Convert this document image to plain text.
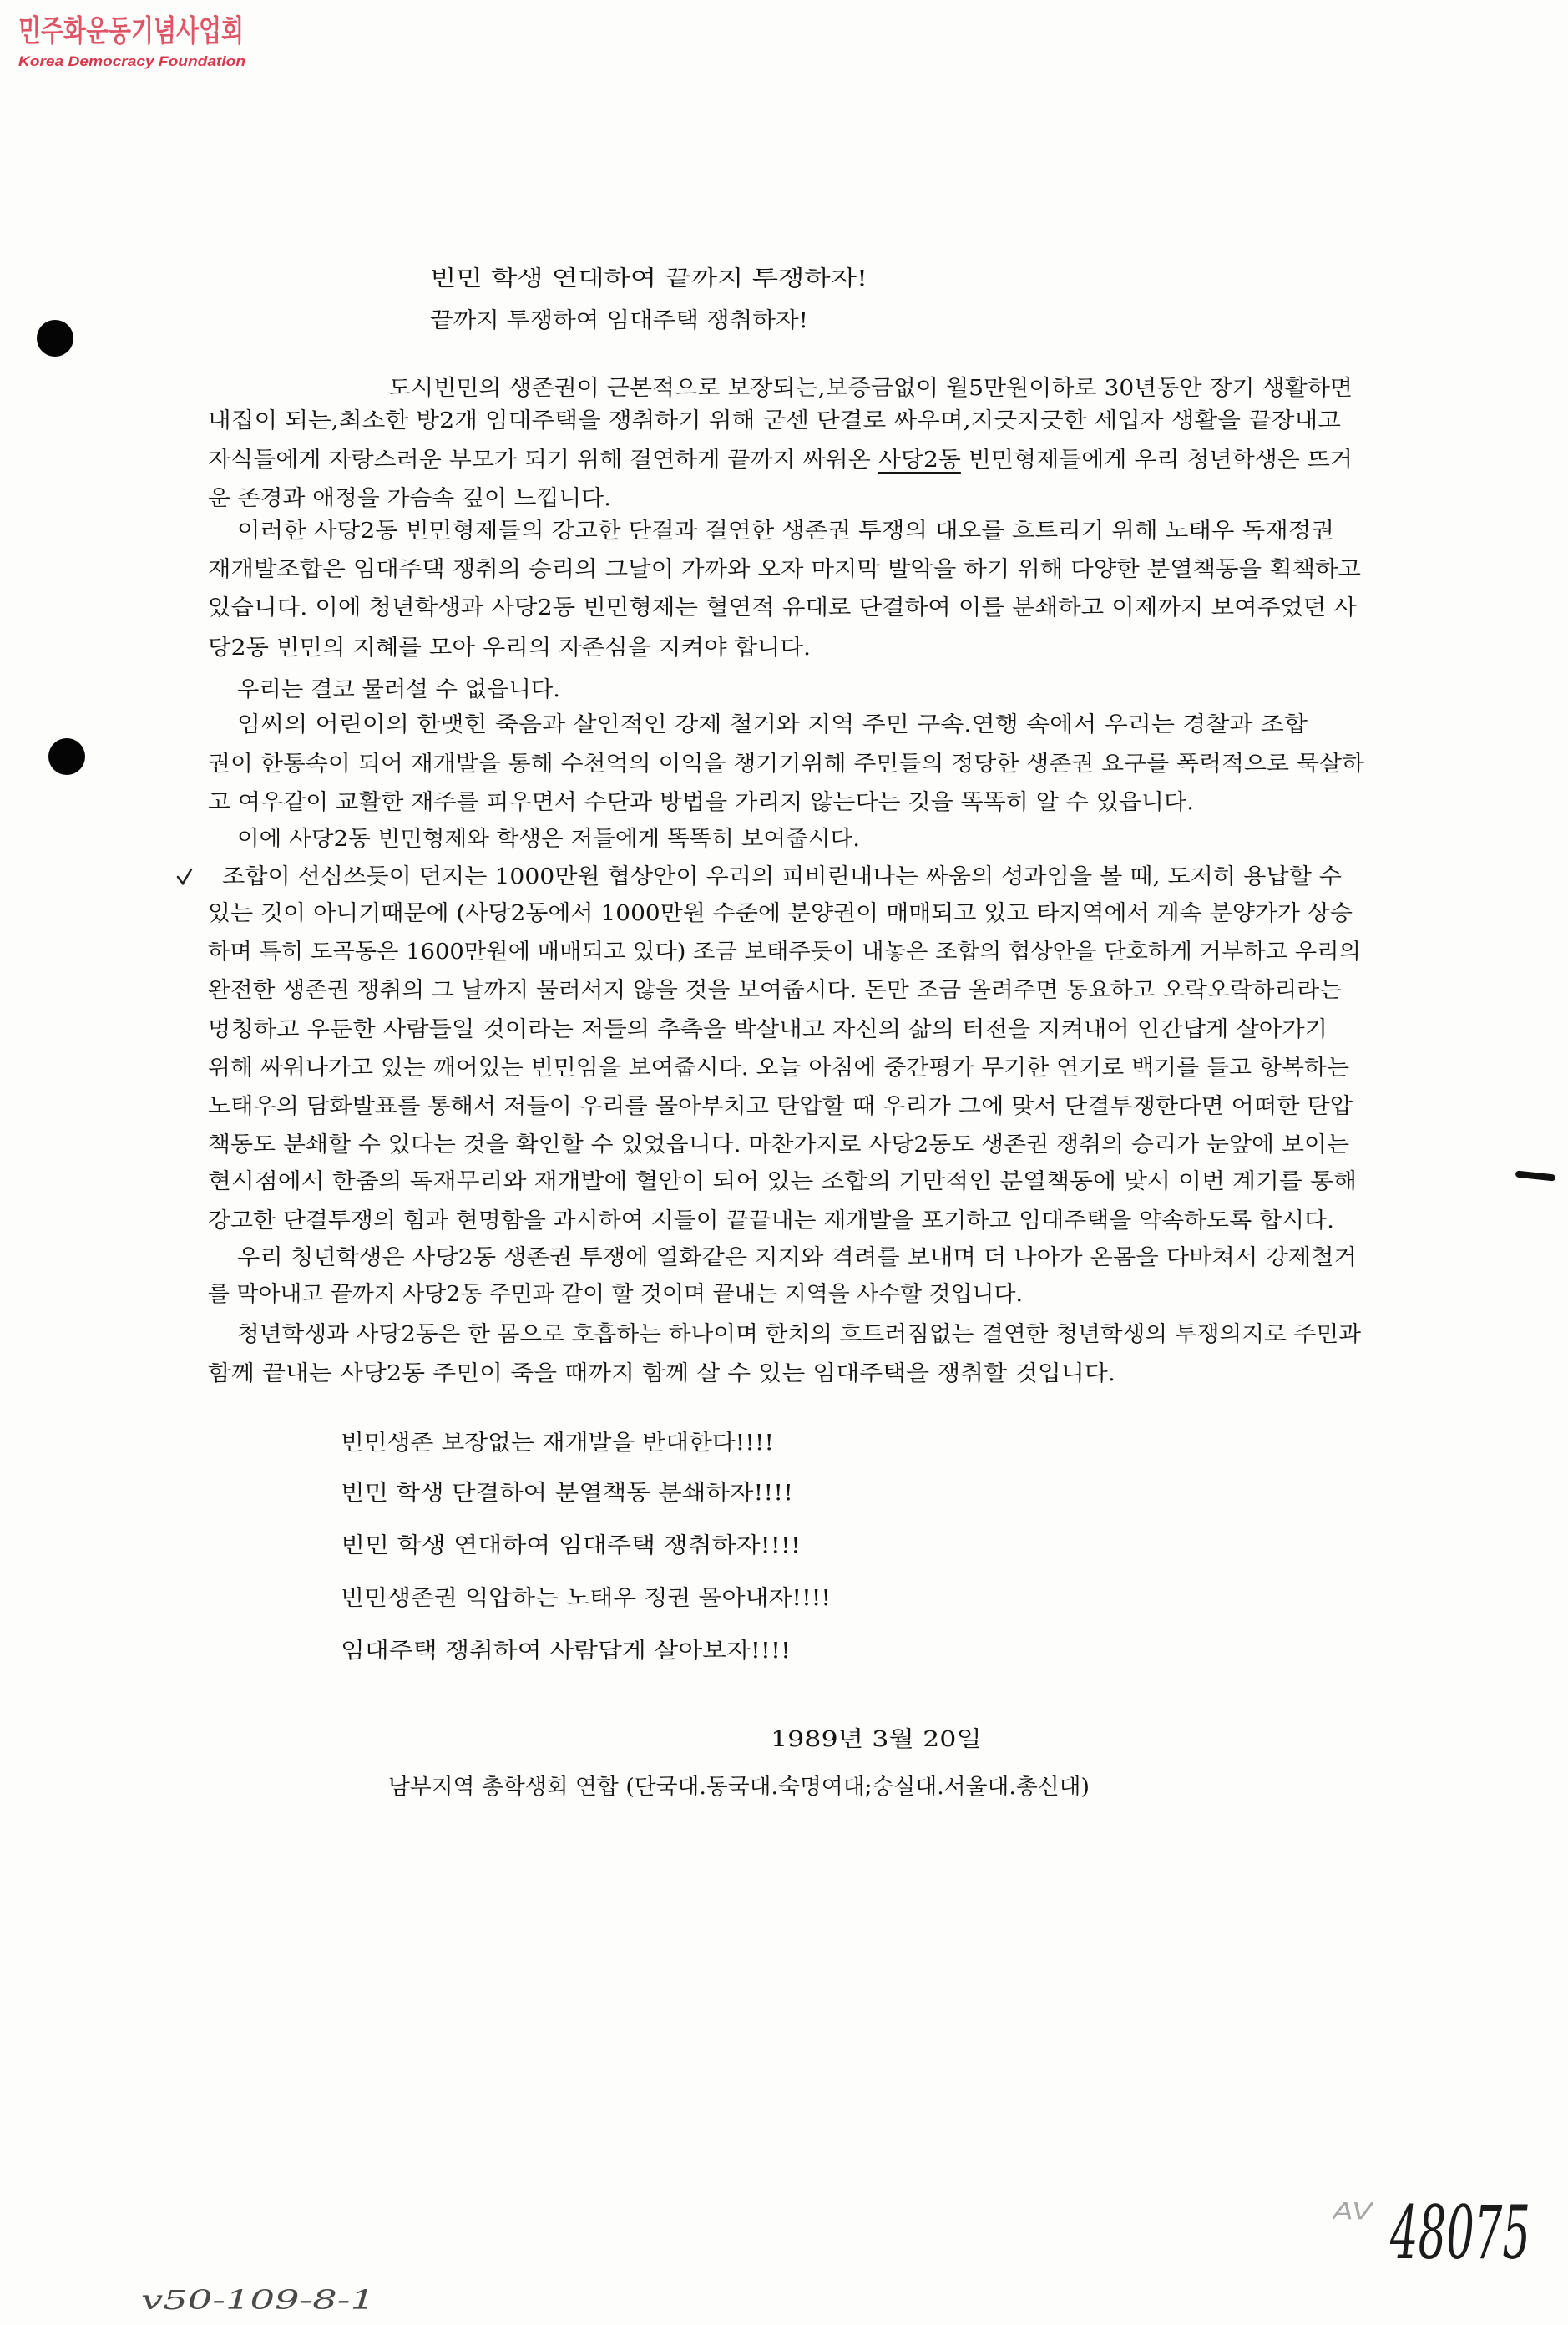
민주화운동기념사업회
Korea Democracy Foundation
빈민 학생 연대하여 끝까지 투쟁하자!
끝까지 투쟁하여 임대주택 쟁취하자!
도시빈민의 생존권이 근본적으로 보장되는,보증금없이 월5만원이하로 30년동안 장기 생활하면
내집이 되는,최소한 방2개 임대주택을 쟁취하기 위해 굳센 단결로 싸우며,지긋지긋한 세입자 생활을 끝장내고
자식들에게 자랑스러운 부모가 되기 위해 결연하게 끝까지 싸워온 사당2동 빈민형제들에게 우리 청년학생은 뜨거
운 존경과 애정을 가슴속 깊이 느낍니다.
이러한 사당2동 빈민형제들의 강고한 단결과 결연한 생존권 투쟁의 대오를 흐트리기 위해 노태우 독재정권
재개발조합은 임대주택 쟁취의 승리의 그날이 가까와 오자 마지막 발악을 하기 위해 다양한 분열책동을 획책하고
있습니다. 이에 청년학생과 사당2동 빈민형제는 혈연적 유대로 단결하여 이를 분쇄하고 이제까지 보여주었던 사
당2동 빈민의 지혜를 모아 우리의 자존심을 지켜야 합니다.
우리는 결코 물러설 수 없읍니다.
임씨의 어린이의 한맺힌 죽음과 살인적인 강제 철거와 지역 주민 구속.연행 속에서 우리는 경찰과 조합
권이 한통속이 되어 재개발을 통해 수천억의 이익을 챙기기위해 주민들의 정당한 생존권 요구를 폭력적으로 묵살하
고 여우같이 교활한 재주를 피우면서 수단과 방법을 가리지 않는다는 것을 똑똑히 알 수 있읍니다.
이에 사당2동 빈민형제와 학생은 저들에게 똑똑히 보여줍시다.
조합이 선심쓰듯이 던지는 1000만원 협상안이 우리의 피비린내나는 싸움의 성과임을 볼 때, 도저히 용납할 수
있는 것이 아니기때문에 (사당2동에서 1000만원 수준에 분양권이 매매되고 있고 타지역에서 계속 분양가가 상승
하며 특히 도곡동은 1600만원에 매매되고 있다) 조금 보태주듯이 내놓은 조합의 협상안을 단호하게 거부하고 우리의
완전한 생존권 쟁취의 그 날까지 물러서지 않을 것을 보여줍시다. 돈만 조금 올려주면 동요하고 오락오락하리라는
멍청하고 우둔한 사람들일 것이라는 저들의 추측을 박살내고 자신의 삶의 터전을 지켜내어 인간답게 살아가기
위해 싸워나가고 있는 깨어있는 빈민임을 보여줍시다. 오늘 아침에 중간평가 무기한 연기로 백기를 들고 항복하는
노태우의 담화발표를 통해서 저들이 우리를 몰아부치고 탄압할 때 우리가 그에 맞서 단결투쟁한다면 어떠한 탄압
책동도 분쇄할 수 있다는 것을 확인할 수 있었읍니다. 마찬가지로 사당2동도 생존권 쟁취의 승리가 눈앞에 보이는
현시점에서 한줌의 독재무리와 재개발에 혈안이 되어 있는 조합의 기만적인 분열책동에 맞서 이번 계기를 통해
강고한 단결투쟁의 힘과 현명함을 과시하여 저들이 끝끝내는 재개발을 포기하고 임대주택을 약속하도록 합시다.
우리 청년학생은 사당2동 생존권 투쟁에 열화같은 지지와 격려를 보내며 더 나아가 온몸을 다바쳐서 강제철거
를 막아내고 끝까지 사당2동 주민과 같이 할 것이며 끝내는 지역을 사수할 것입니다.
청년학생과 사당2동은 한 몸으로 호흡하는 하나이며 한치의 흐트러짐없는 결연한 청년학생의 투쟁의지로 주민과
함께 끝내는 사당2동 주민이 죽을 때까지 함께 살 수 있는 임대주택을 쟁취할 것입니다.
빈민생존 보장없는 재개발을 반대한다!!!!
빈민 학생 단결하여 분열책동 분쇄하자!!!!
빈민 학생 연대하여 임대주택 쟁취하자!!!!
빈민생존권 억압하는 노태우 정권 몰아내자!!!!
임대주택 쟁취하여 사람답게 살아보자!!!!
1989년 3월 20일
남부지역 총학생회 연합 (단국대.동국대.숙명여대;숭실대.서울대.총신대)
AV 48075
v50-109-8-1
